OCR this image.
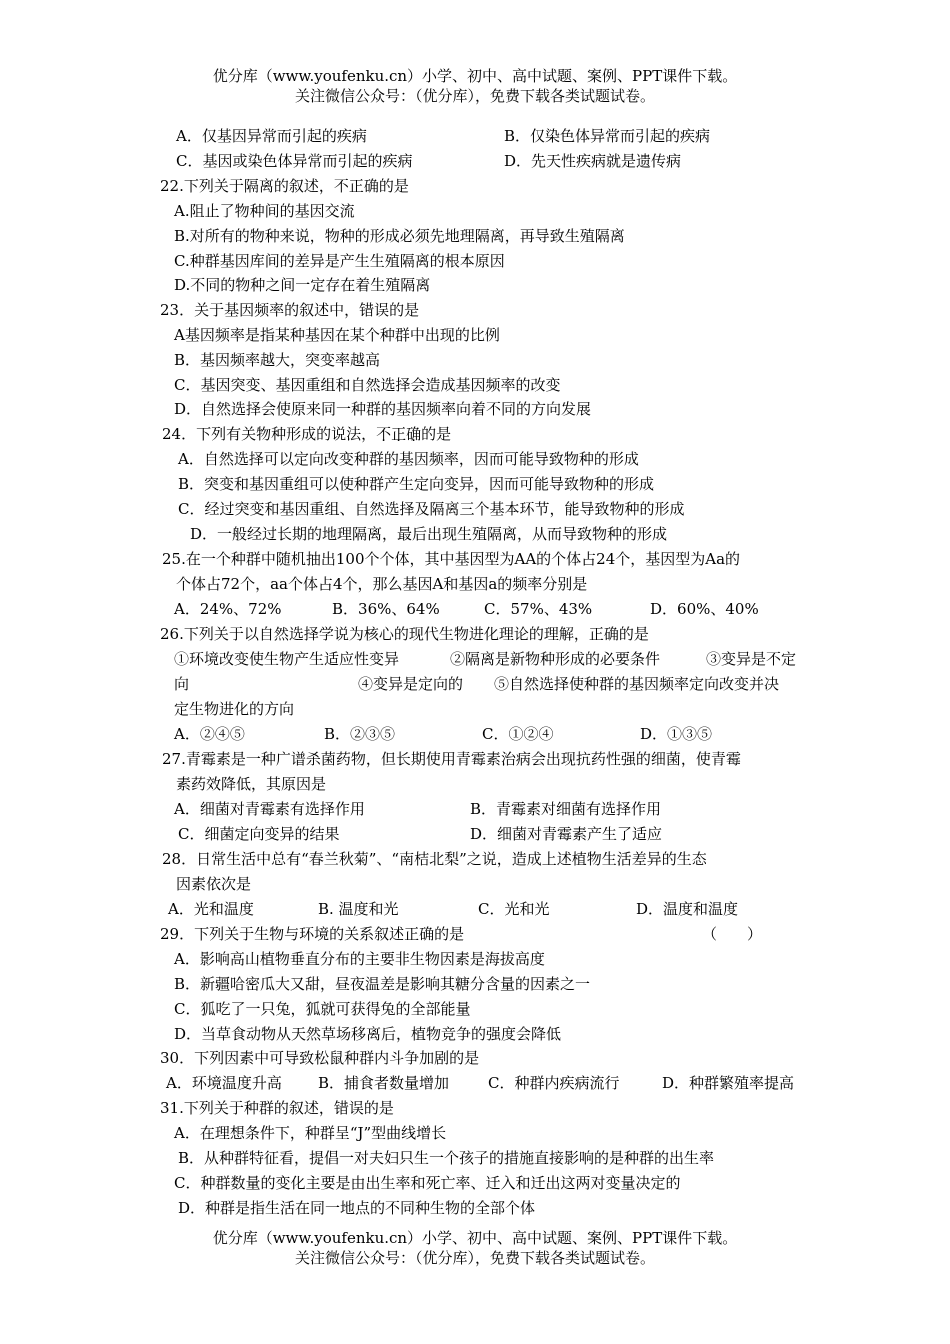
优分库（www.youfenku.cn）小学、初中、高中试题、案例、PPT课件下载。
关注微信公众号：（优分库），免费下载各类试题试卷。
A．仅基因异常而引起的疾病	B．仅染色体异常而引起的疾病
C．基因或染色体异常而引起的疾病	D．先天性疾病就是遗传病
22.下列关于隔离的叙述，不正确的是
A.阻止了物种间的基因交流
B.对所有的物种来说，物种的形成必须先地理隔离，再导致生殖隔离
C.种群基因库间的差异是产生生殖隔离的根本原因
D.不同的物种之间一定存在着生殖隔离
23．关于基因频率的叙述中，错误的是
A基因频率是指某种基因在某个种群中出现的比例
B．基因频率越大，突变率越高
C．基因突变、基因重组和自然选择会造成基因频率的改变
D．自然选择会使原来同一种群的基因频率向着不同的方向发展
24．下列有关物种形成的说法，不正确的是
A．自然选择可以定向改变种群的基因频率，因而可能导致物种的形成
B．突变和基因重组可以使种群产生定向变异，因而可能导致物种的形成
C．经过突变和基因重组、自然选择及隔离三个基本环节，能导致物种的形成
D．一般经过长期的地理隔离，最后出现生殖隔离，从而导致物种的形成
25.在一个种群中随机抽出100个个体，其中基因型为AA的个体占24个，基因型为Aa的
个体占72个，aa个体占4个，那么基因A和基因a的频率分别是
A．24%、72%	B．36%、64%	C．57%、43%	D．60%、40%
26.下列关于以自然选择学说为核心的现代生物进化理论的理解，正确的是
①环境改变使生物产生适应性变异	②隔离是新物种形成的必要条件	③变异是不定
向	④变异是定向的 ⑤自然选择使种群的基因频率定向改变并决
定生物进化的方向
A．②④⑤	B．②③⑤	C．①②④	D．①③⑤
27.青霉素是一种广谱杀菌药物，但长期使用青霉素治病会出现抗药性强的细菌，使青霉
素药效降低，其原因是
A．细菌对青霉素有选择作用	B．青霉素对细菌有选择作用
C．细菌定向变异的结果	D．细菌对青霉素产生了适应
28．日常生活中总有“春兰秋菊”、“南桔北梨”之说，造成上述植物生活差异的生态
因素依次是
A．光和温度	B. 温度和光	C．光和光	D．温度和温度
29．下列关于生物与环境的关系叙述正确的是	（　　）
A．影响高山植物垂直分布的主要非生物因素是海拔高度
B．新疆哈密瓜大又甜，昼夜温差是影响其糖分含量的因素之一
C．狐吃了一只兔，狐就可获得兔的全部能量
D．当草食动物从天然草场移离后，植物竞争的强度会降低
30．下列因素中可导致松鼠种群内斗争加剧的是
A．环境温度升高 B．捕食者数量增加	C．种群内疾病流行	D．种群繁殖率提高
31.下列关于种群的叙述，错误的是
A．在理想条件下，种群呈“J”型曲线增长
B．从种群特征看，提倡一对夫妇只生一个孩子的措施直接影响的是种群的出生率
C．种群数量的变化主要是由出生率和死亡率、迁入和迁出这两对变量决定的
D．种群是指生活在同一地点的不同种生物的全部个体
优分库（www.youfenku.cn）小学、初中、高中试题、案例、PPT课件下载。
关注微信公众号：（优分库），免费下载各类试题试卷。
